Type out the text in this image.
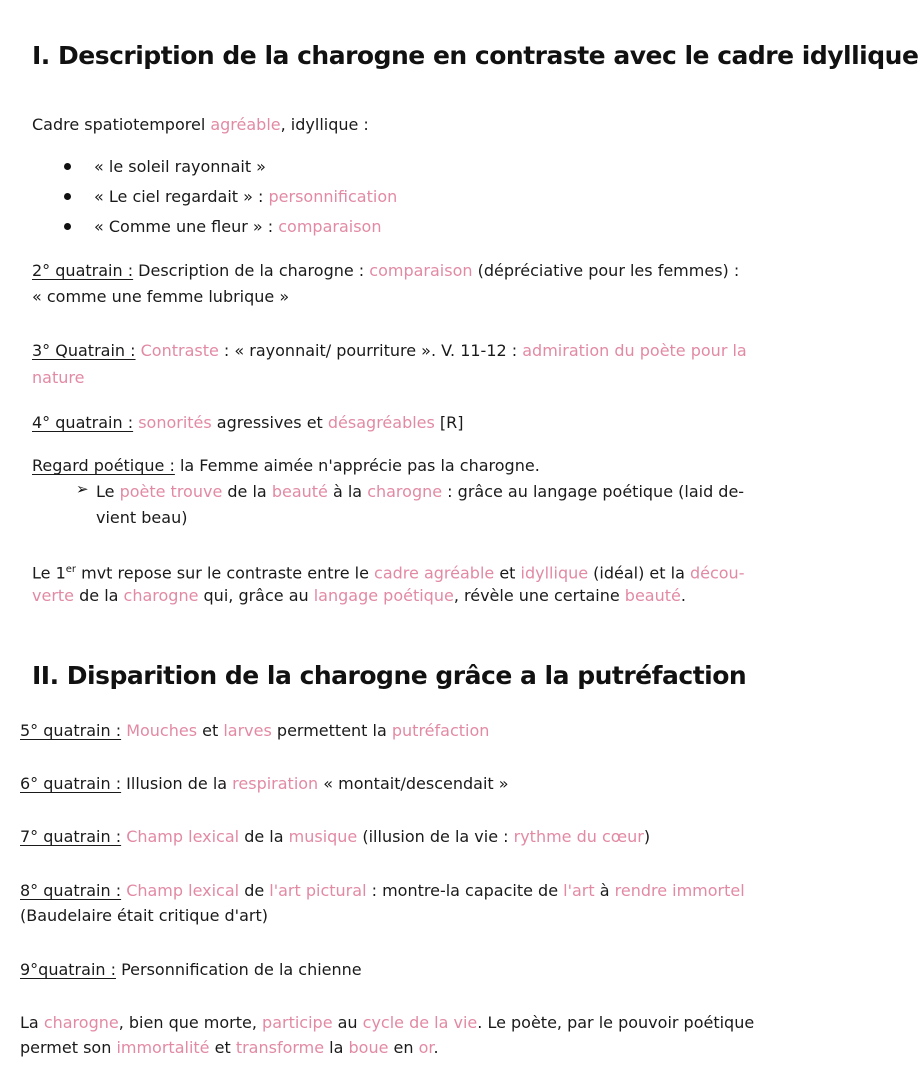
I. Description de la charogne en contraste avec le cadre idyllique
Cadre spatiotemporel agréable, idyllique :
« le soleil rayonnait »
« Le ciel regardait » : personnification
« Comme une fleur » : comparaison
2° quatrain : Description de la charogne : comparaison (dépréciative pour les femmes) :
« comme une femme lubrique »
3° Quatrain : Contraste : « rayonnait/ pourriture ». V. 11-12 : admiration du poète pour la
nature
4° quatrain : sonorités agressives et désagréables [R]
Regard poétique : la Femme aimée n'apprécie pas la charogne.
➢ Le poète trouve de la beauté à la charogne : grâce au langage poétique (laid de-
vient beau)
Le 1er mvt repose sur le contraste entre le cadre agréable et idyllique (idéal) et la décou-
verte de la charogne qui, grâce au langage poétique, révèle une certaine beauté.
II. Disparition de la charogne grâce a la putréfaction
5° quatrain : Mouches et larves permettent la putréfaction
6° quatrain : Illusion de la respiration « montait/descendait »
7° quatrain : Champ lexical de la musique (illusion de la vie : rythme du cœur)
8° quatrain : Champ lexical de l'art pictural : montre-la capacite de l'art à rendre immortel
(Baudelaire était critique d'art)
9°quatrain : Personnification de la chienne
La charogne, bien que morte, participe au cycle de la vie. Le poète, par le pouvoir poétique
permet son immortalité et transforme la boue en or.
